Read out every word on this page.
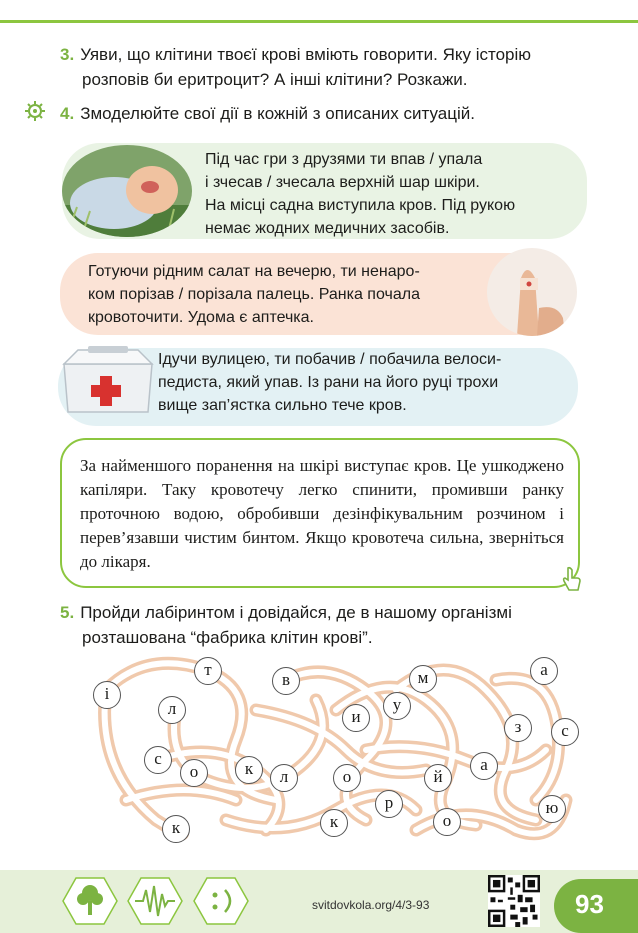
3. Уяви, що клітини твоєї крові вміють говорити. Яку історію
розповів би еритроцит? А інші клітини? Розкажи.
4. Змоделюйте свої дії в кожній з описаних ситуацій.
Під час гри з друзями ти впав / упала
і зчесав / зчесала верхній шар шкіри.
На місці садна виступила кров. Під рукою
немає жодних медичних засобів.
Готуючи рідним салат на вечерю, ти ненаро-
ком порізав / порізала палець. Ранка почала
кровоточити. Удома є аптечка.
Ідучи вулицею, ти побачив / побачила велоси-
педиста, який упав. Із рани на його руці трохи
вище зап’ястка сильно тече кров.
За найменшого поранення на шкірі виступає кров. Це ушкоджено капіляри. Таку кровотечу легко спинити, промивши ранку проточною водою, обробивши дезінфікувальним розчином і перев’язавши чистим бинтом. Якщо кровотеча сильна, зверніться до лікаря.
5. Пройди лабіринтом і довідайся, де в нашому організмі
розташована “фабрика клітин крові”.
і
т
в	м	а
л	и
у
з	с
с
о	к	л	о	й
а
р	ю
к	к	о
svitdovkola.org/4/3-93	93
